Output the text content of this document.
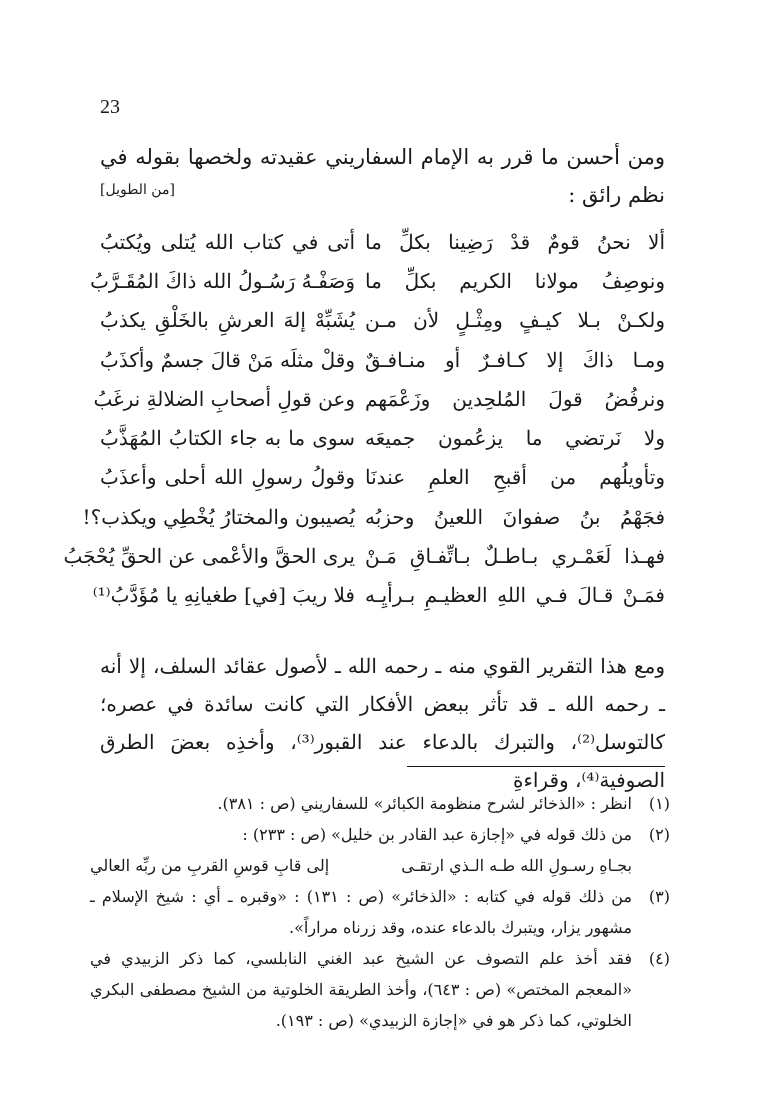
23
ومن أحسن ما قرر به الإمام السفاريني عقيدته ولخصها بقوله في نظم رائق :
[من الطويل]
ألا نحنُ قومٌ قدْ رَضِينا بكلِّ ما
أتى في كتاب الله يُتلى ويُكتبُ
ونوصِفُ مولانا الكريم بكلِّ ما
وَصَفْـهُ رَسُـولُ الله ذاكَ المُقَـرَّبُ
ولكـنْ بـلا كيـفٍ ومِثْـلٍ لأن مـن
يُشَبِّهْ إلهَ العرشِ بالخَلْقِ يكذبُ
ومـا ذاكَ إلا كـافـرٌ أو منـافـقٌ
وقلْ مثلَه مَنْ قالَ جسمٌ وأكذَبُ
ونرفُضُ قولَ المُلحِدين وزَعْمَهم
وعن قولِ أصحابِ الضلالةِ نرغَبُ
ولا نَرتضي ما يزعُمون جميعَه
سوى ما به جاء الكتابُ المُهَذَّبُ
وتأويلُهم من أقبحِ العلمِ عندنَا
وقولُ رسولِ الله أحلى وأعذَبُ
فجَهْمُ بنُ صفوانَ اللعينُ وحزبُه
يُصيبون والمختارُ يُخْطِي ويكذب؟!
فهـذا لَعَمْـري بـاطـلٌ بـاتِّفـاقِ مَـنْ
يرى الحقَّ والأعْمى عن الحقِّ يُحْجَبُ
فمَـنْ قـالَ فـي اللهِ العظيـمِ بـرأيِـه
فلا ريبَ [في] طغيانِهِ يا مُؤَدَّبُ⁽¹⁾

ومع هذا التقرير القوي منه ـ رحمه الله ـ لأصول عقائد السلف، إلا أنه ـ رحمه الله ـ قد تأثر ببعض الأفكار التي كانت سائدة في عصره؛ كالتوسل⁽²⁾، والتبرك بالدعاء عند القبور⁽³⁾، وأخذِه بعضَ الطرق الصوفية⁽⁴⁾، وقراءةِ

(١)
انظر : «الذخائر لشرح منظومة الكبائر» للسفاريني (ص : ٣٨١).
(٢)
من ذلك قوله في «إجازة عبد القادر بن خليل» (ص : ٢٣٣) :
بجـاهِ رسـولِ الله طـه الـذي ارتقـى
إلى قابِ قوسِ القربِ من ربِّه العالي
(٣)
من ذلك قوله في كتابه : «الذخائر» (ص : ١٣١) : «وقبره ـ أي : شيخ الإسلام ـ مشهور يزار، ويتبرك بالدعاء عنده، وقد زرناه مراراً».
(٤)
فقد أخذ علم التصوف عن الشيخ عبد الغني النابلسي، كما ذكر الزبيدي في «المعجم المختص» (ص : ٦٤٣)، وأخذ الطريقة الخلوتية من الشيخ مصطفى البكري الخلوتي، كما ذكر هو في «إجازة الزبيدي» (ص : ١٩٣).
